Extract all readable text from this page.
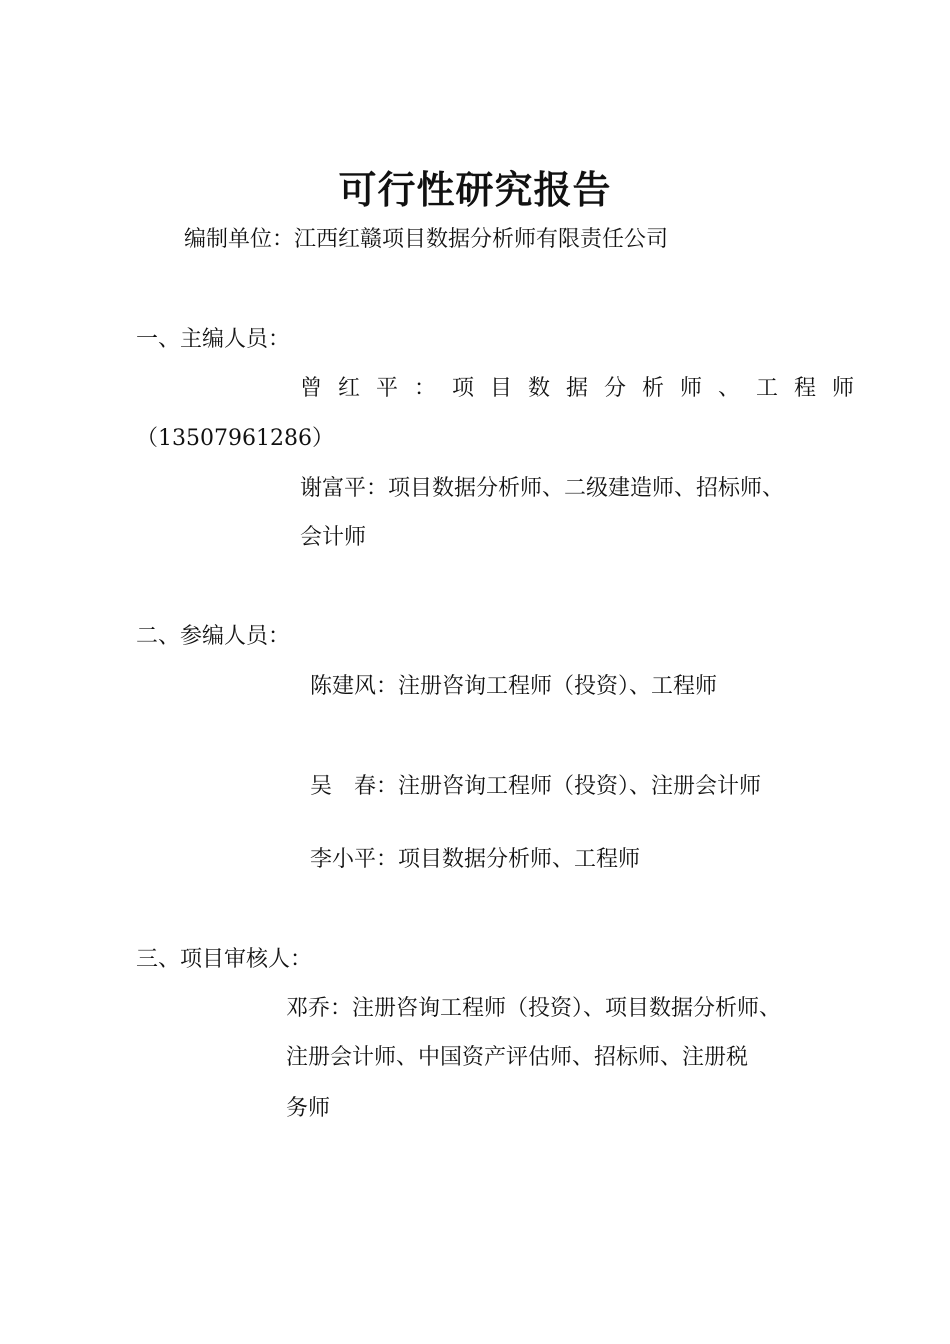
可行性研究报告
编制单位：江西红赣项目数据分析师有限责任公司
一、主编人员：
曾红平：项目数据分析师、工程师
（13507961286）
谢富平：项目数据分析师、二级建造师、招标师、
会计师
二、参编人员：
陈建风：注册咨询工程师（投资）、工程师
吴　春：注册咨询工程师（投资）、注册会计师
李小平：项目数据分析师、工程师
三、项目审核人：
邓乔：注册咨询工程师（投资）、项目数据分析师、
注册会计师、中国资产评估师、招标师、注册税
务师
